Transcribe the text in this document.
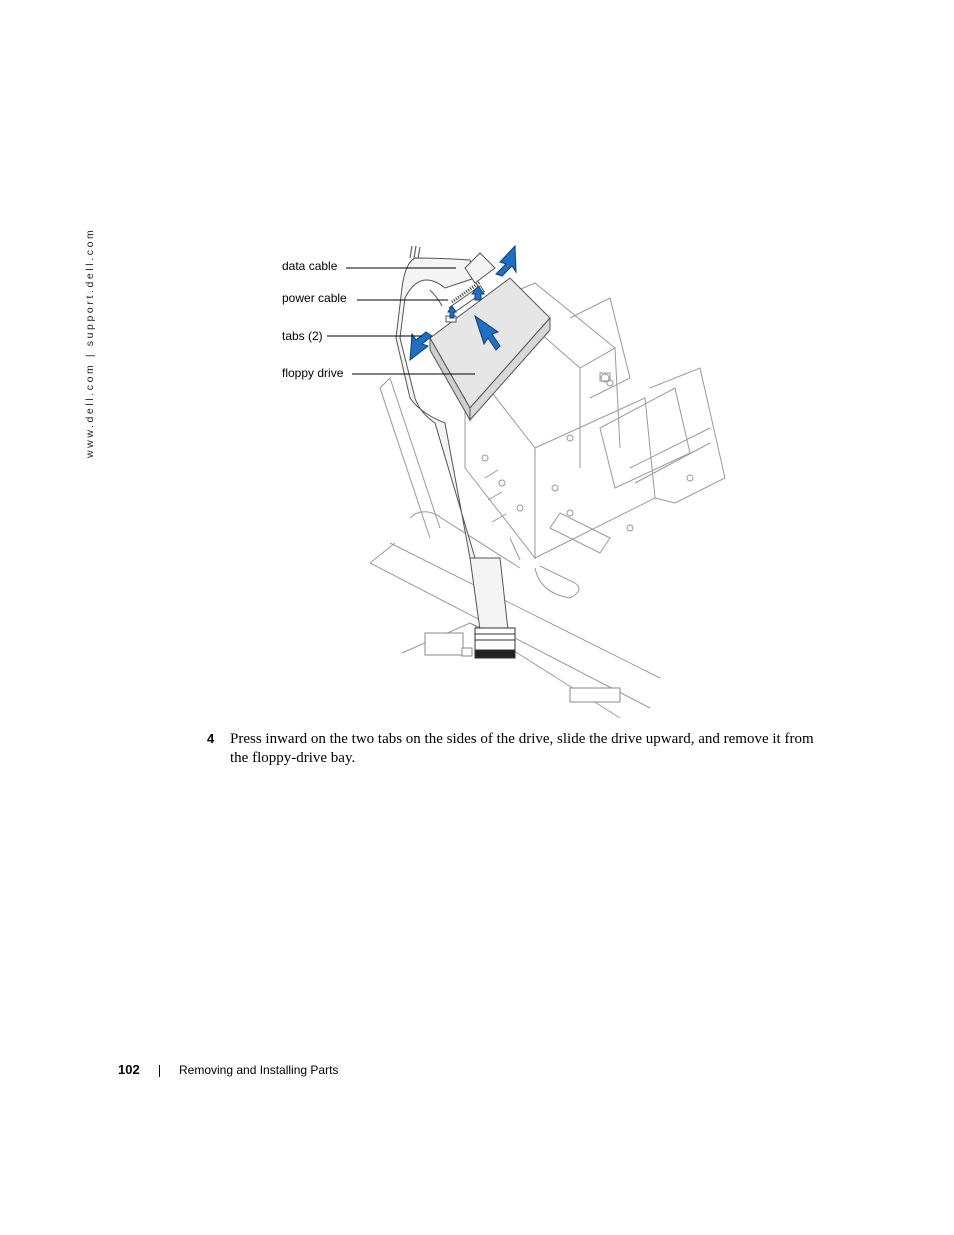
www.dell.com | support.dell.com	data cable
power cable
tabs (2)
floppy drive
4 Press inward on the two tabs on the sides of the drive, slide the drive upward, and remove it from the floppy-drive bay.
102	Removing and Installing Parts
